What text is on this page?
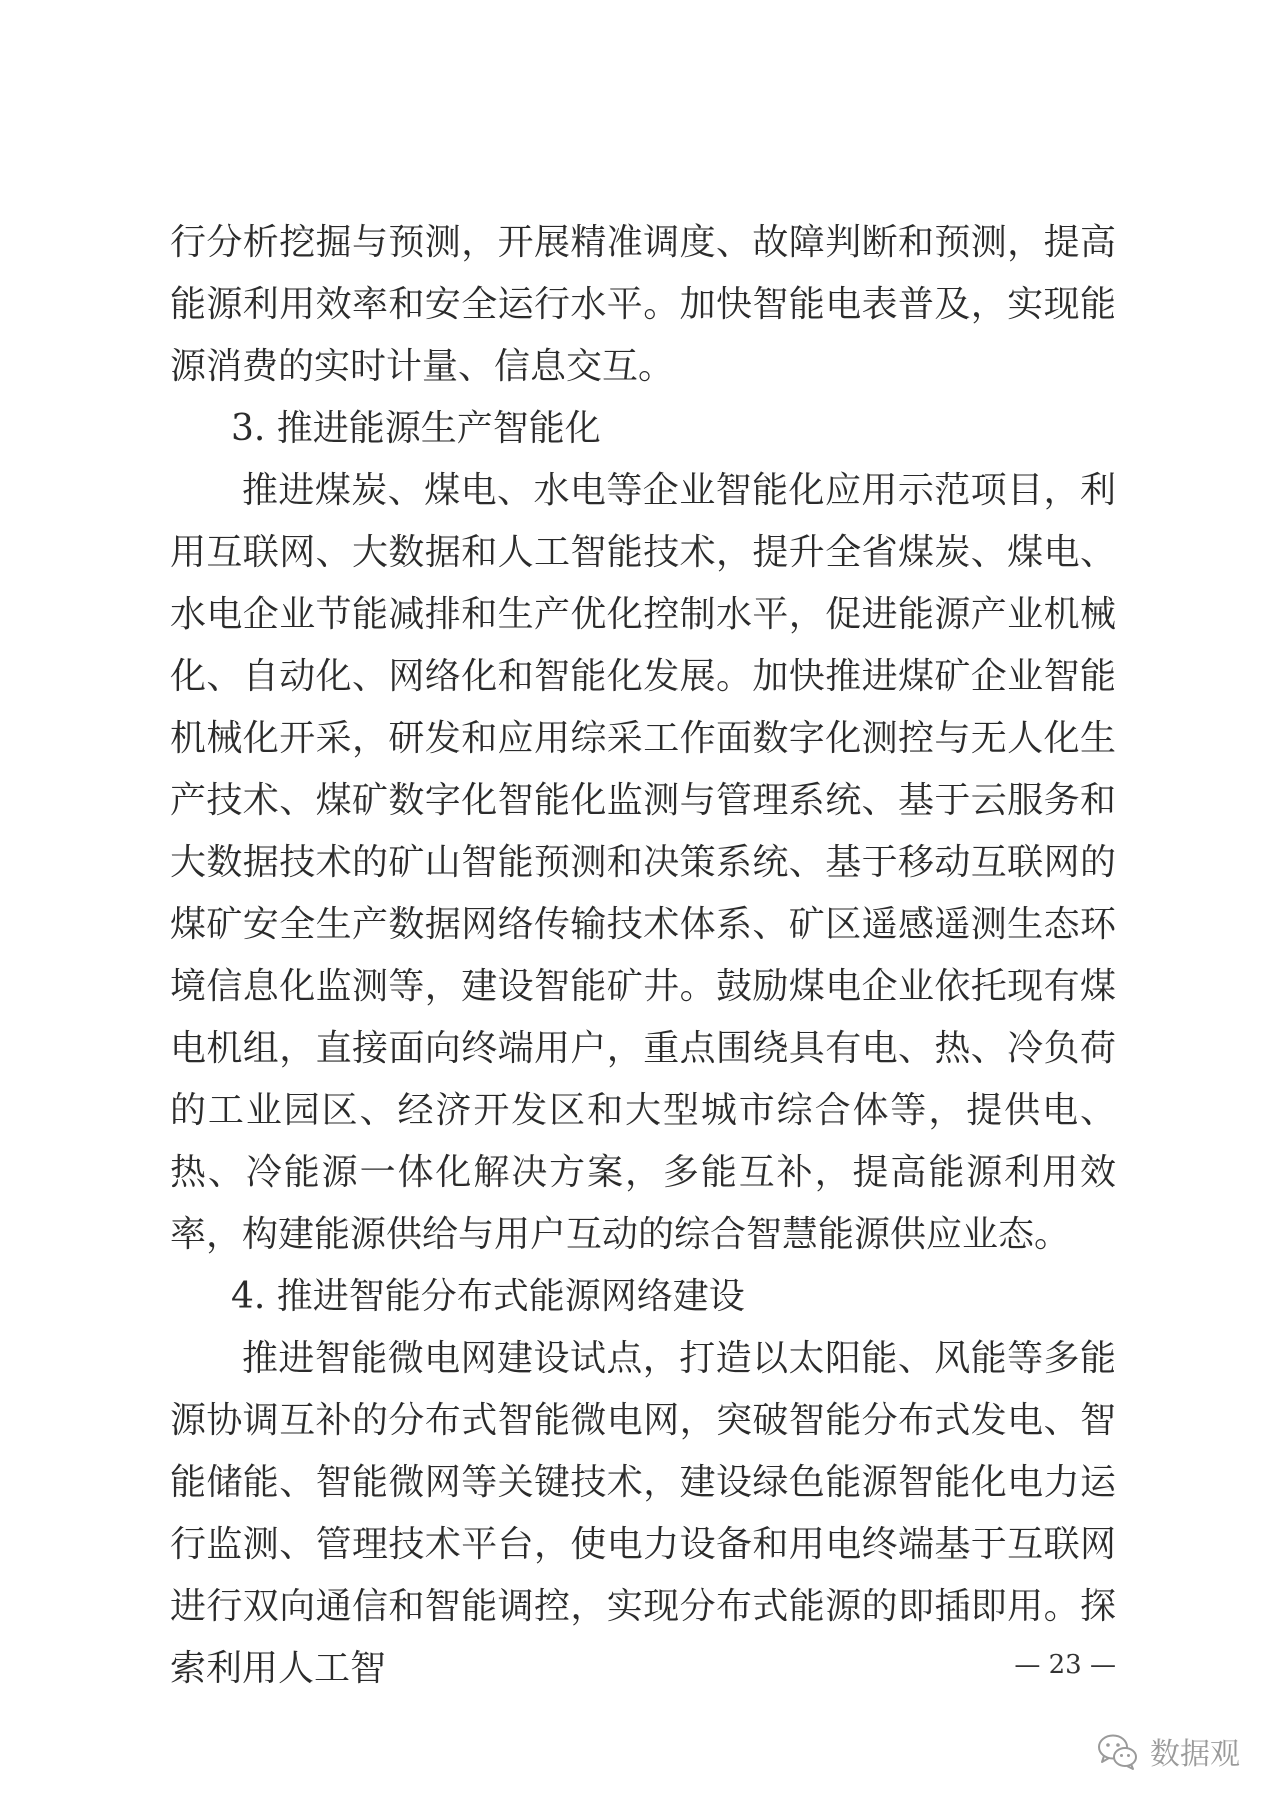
行分析挖掘与预测，开展精准调度、故障判断和预测，提高能源利用效率和安全运行水平。加快智能电表普及，实现能源消费的实时计量、信息交互。

3. 推进能源生产智能化

推进煤炭、煤电、水电等企业智能化应用示范项目，利用互联网、大数据和人工智能技术，提升全省煤炭、煤电、水电企业节能减排和生产优化控制水平，促进能源产业机械化、自动化、网络化和智能化发展。加快推进煤矿企业智能机械化开采，研发和应用综采工作面数字化测控与无人化生产技术、煤矿数字化智能化监测与管理系统、基于云服务和大数据技术的矿山智能预测和决策系统、基于移动互联网的煤矿安全生产数据网络传输技术体系、矿区遥感遥测生态环境信息化监测等，建设智能矿井。鼓励煤电企业依托现有煤电机组，直接面向终端用户，重点围绕具有电、热、冷负荷的工业园区、经济开发区和大型城市综合体等，提供电、热、冷能源一体化解决方案，多能互补，提高能源利用效率，构建能源供给与用户互动的综合智慧能源供应业态。

4. 推进智能分布式能源网络建设

推进智能微电网建设试点，打造以太阳能、风能等多能源协调互补的分布式智能微电网，突破智能分布式发电、智能储能、智能微网等关键技术，建设绿色能源智能化电力运行监测、管理技术平台，使电力设备和用电终端基于互联网进行双向通信和智能调控，实现分布式能源的即插即用。探索利用人工智	— 23 —
数据观
